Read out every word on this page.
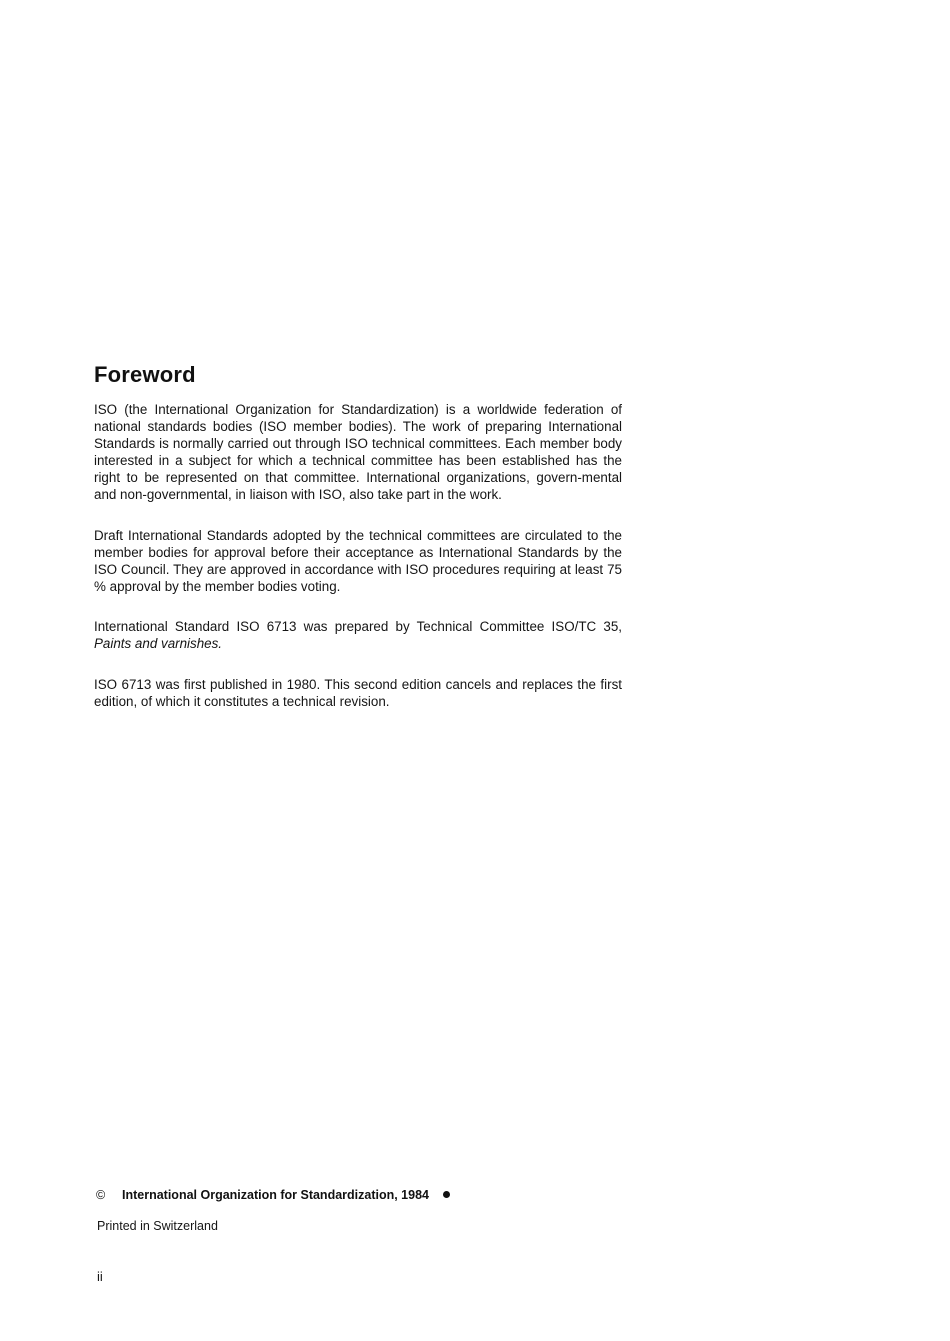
Foreword

ISO (the International Organization for Standardization) is a worldwide federation of national standards bodies (ISO member bodies). The work of preparing International Standards is normally carried out through ISO technical committees. Each member body interested in a subject for which a technical committee has been established has the right to be represented on that committee. International organizations, govern-mental and non-governmental, in liaison with ISO, also take part in the work.

Draft International Standards adopted by the technical committees are circulated to the member bodies for approval before their acceptance as International Standards by the ISO Council. They are approved in accordance with ISO procedures requiring at least 75 % approval by the member bodies voting.

International Standard ISO 6713 was prepared by Technical Committee ISO/TC 35, Paints and varnishes.

ISO 6713 was first published in 1980. This second edition cancels and replaces the first edition, of which it constitutes a technical revision.

© International Organization for Standardization, 1984
Printed in Switzerland
ii
